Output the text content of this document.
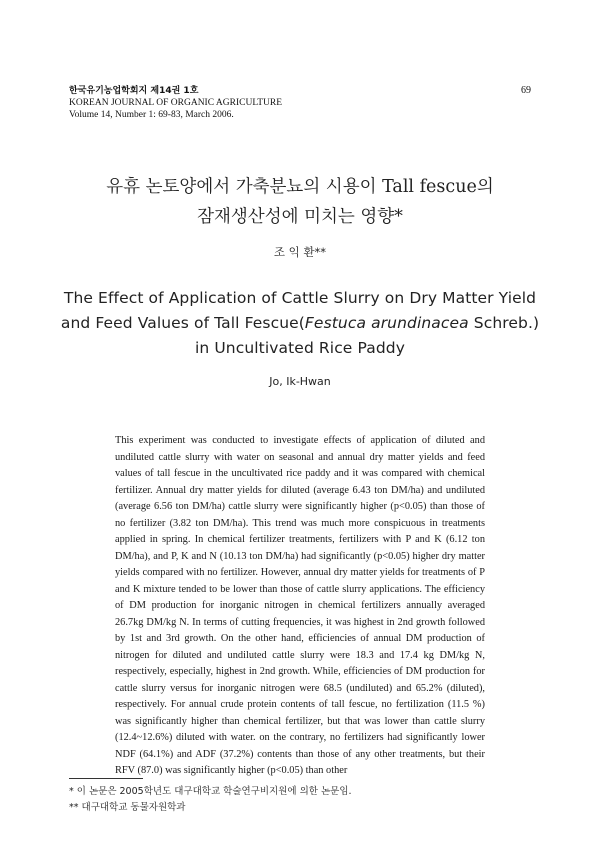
한국유기농업학회지 제14권 1호
KOREAN JOURNAL OF ORGANIC AGRICULTURE
Volume 14, Number 1: 69-83, March 2006.
69
유휴 논토양에서 가축분뇨의 시용이 Tall fescue의
잠재생산성에 미치는 영향*
조 익 환**
The Effect of Application of Cattle Slurry on Dry Matter Yield
and Feed Values of Tall Fescue(Festuca arundinacea Schreb.)
in Uncultivated Rice Paddy
Jo, Ik-Hwan
This experiment was conducted to investigate effects of application of diluted and undiluted cattle slurry with water on seasonal and annual dry matter yields and feed values of tall fescue in the uncultivated rice paddy and it was compared with chemical fertilizer. Annual dry matter yields for diluted (average 6.43 ton DM/ha) and undiluted (average 6.56 ton DM/ha) cattle slurry were significantly higher (p<0.05) than those of no fertilizer (3.82 ton DM/ha). This trend was much more conspicuous in treatments applied in spring. In chemical fertilizer treatments, fertilizers with P and K (6.12 ton DM/ha), and P, K and N (10.13 ton DM/ha) had significantly (p<0.05) higher dry matter yields compared with no fertilizer. However, annual dry matter yields for treatments of P and K mixture tended to be lower than those of cattle slurry applications. The efficiency of DM production for inorganic nitrogen in chemical fertilizers annually averaged 26.7kg DM/kg N. In terms of cutting frequencies, it was highest in 2nd growth followed by 1st and 3rd growth. On the other hand, efficiencies of annual DM production of nitrogen for diluted and undiluted cattle slurry were 18.3 and 17.4 kg DM/kg N, respectively, especially, highest in 2nd growth. While, efficiencies of DM production for cattle slurry versus for inorganic nitrogen were 68.5 (undiluted) and 65.2% (diluted), respectively. For annual crude protein contents of tall fescue, no fertilization (11.5 %) was significantly higher than chemical fertilizer, but that was lower than cattle slurry (12.4~12.6%) diluted with water. on the contrary, no fertilizers had significantly lower NDF (64.1%) and ADF (37.2%) contents than those of any other treatments, but their RFV (87.0) was significantly higher (p<0.05) than other
* 이 논문은 2005학년도 대구대학교 학술연구비지원에 의한 논문임.
** 대구대학교 동물자원학과
